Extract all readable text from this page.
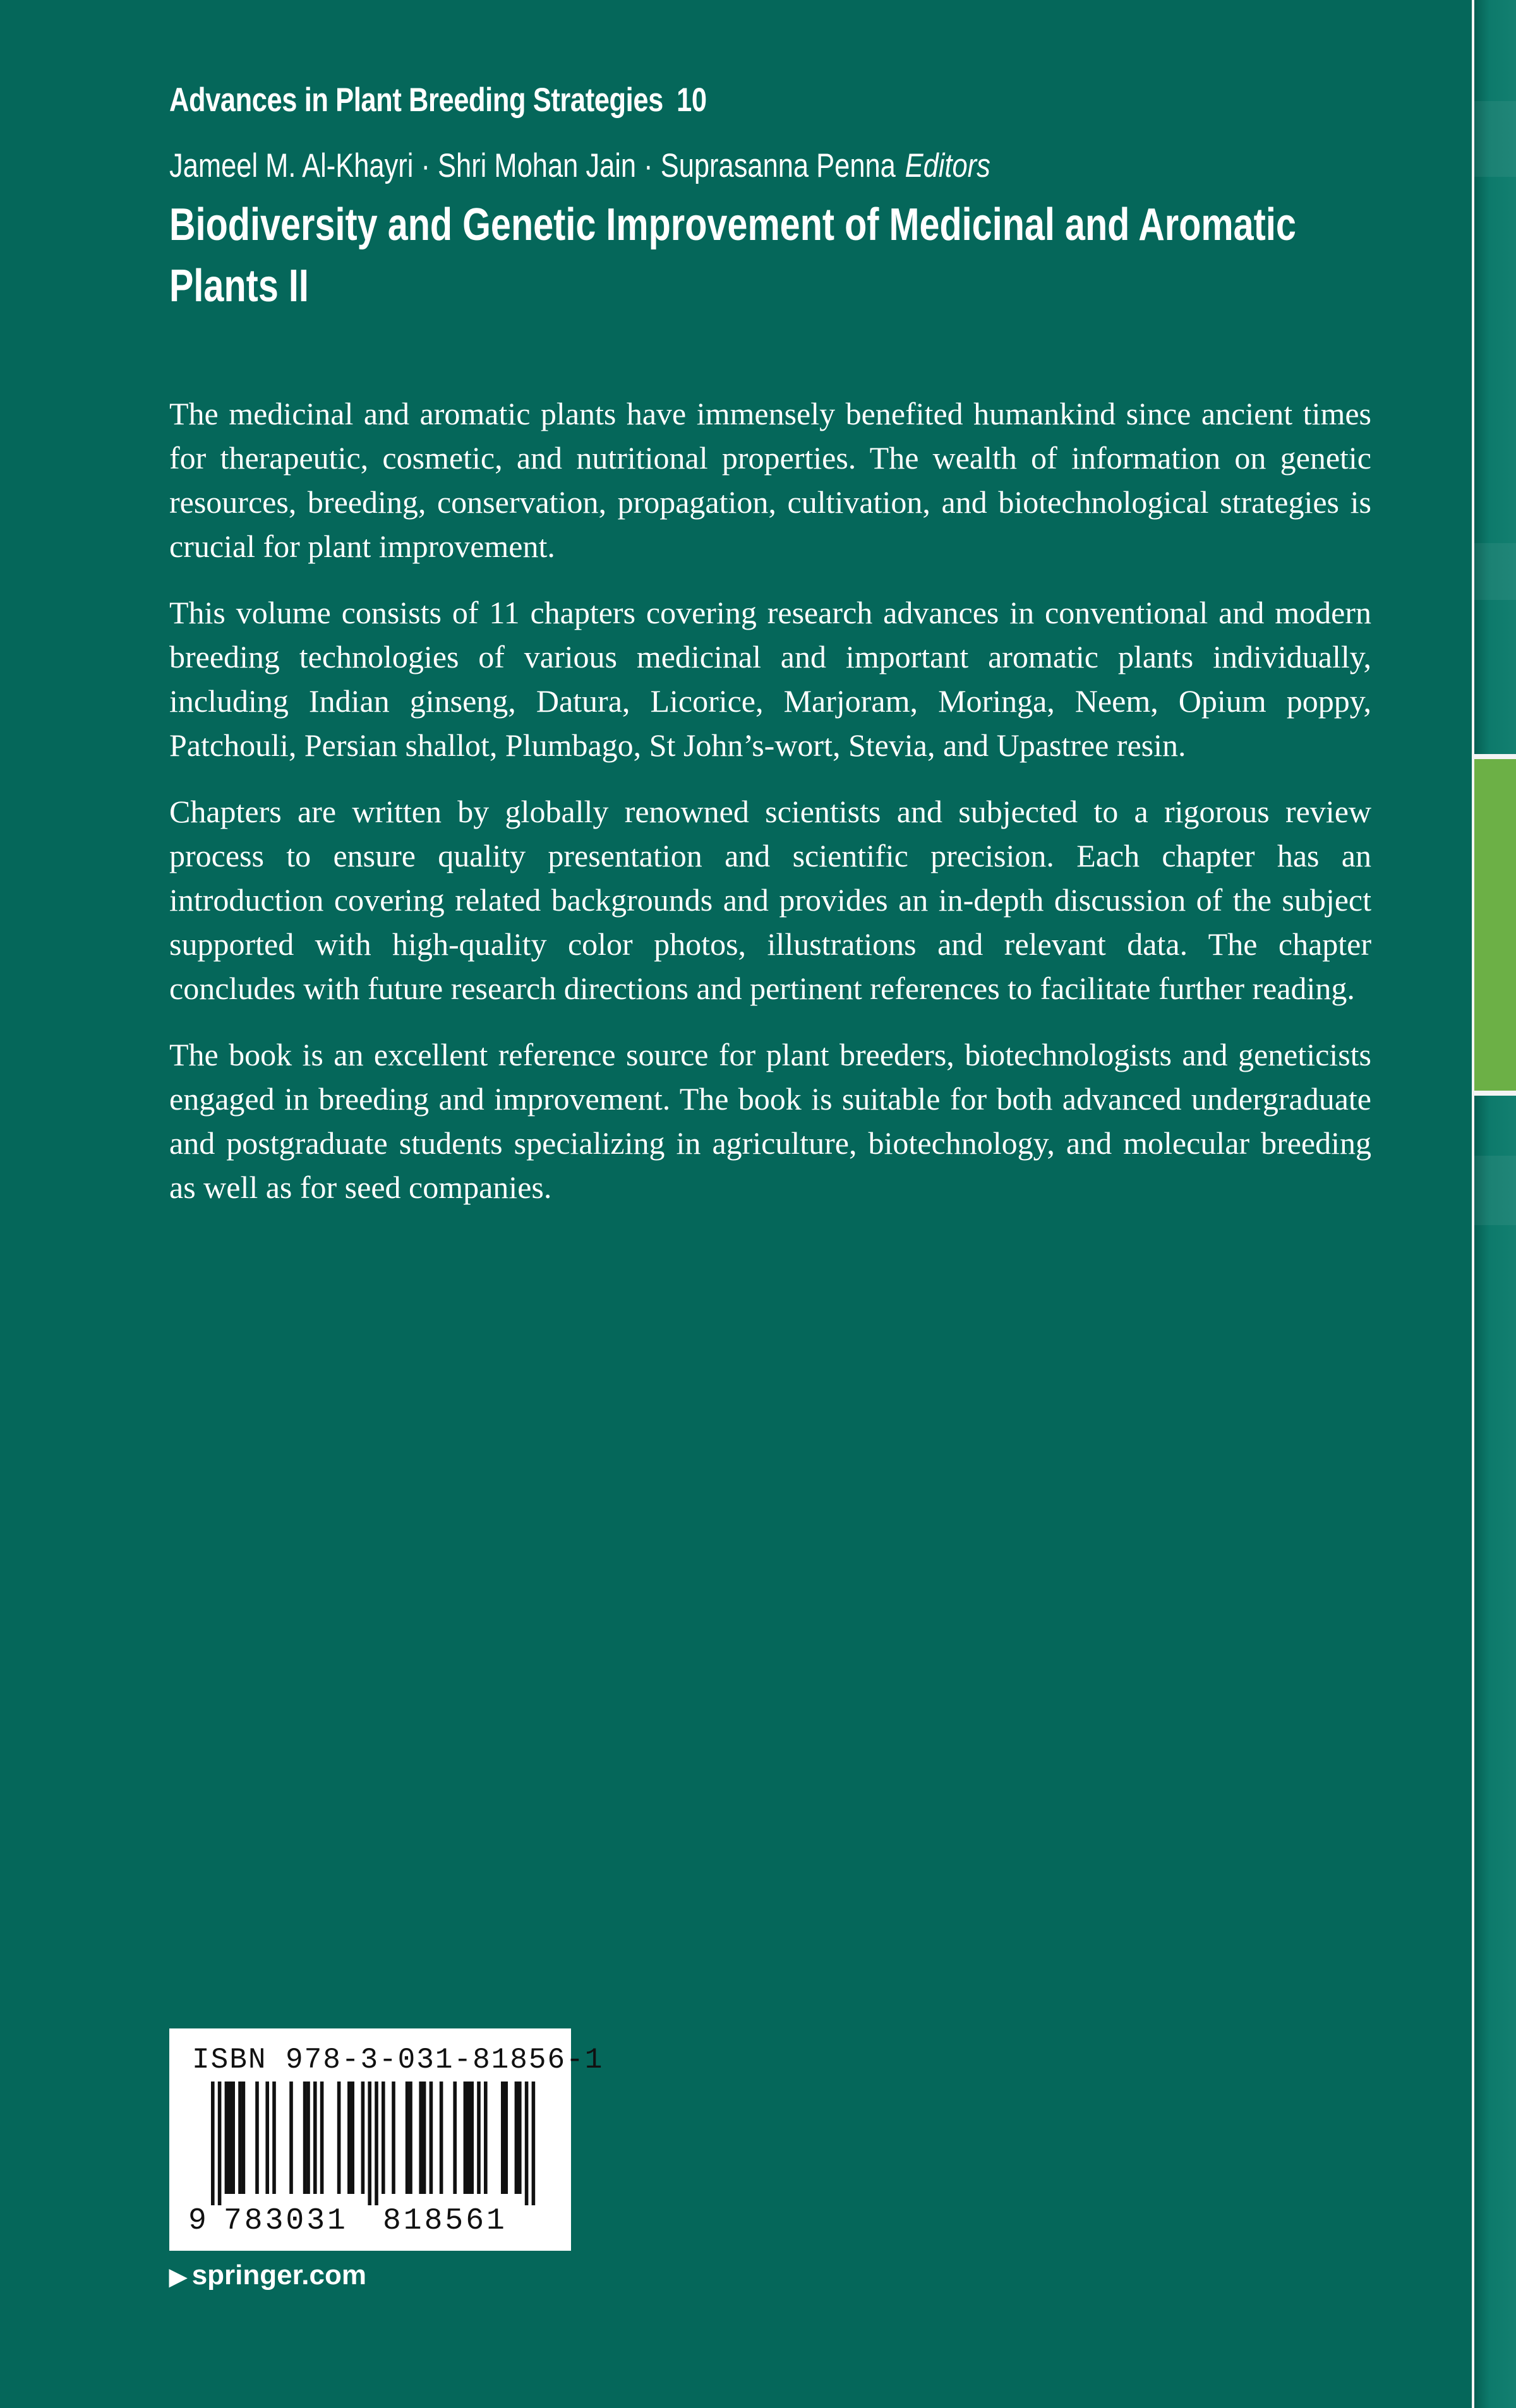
Advances in Plant Breeding Strategies 10
Jameel M. Al-Khayri · Shri Mohan Jain · Suprasanna Penna Editors
Biodiversity and Genetic Improvement of Medicinal and Aromatic
Plants II

The medicinal and aromatic plants have immensely benefited humankind since ancient times for therapeutic, cosmetic, and nutritional properties. The wealth of information on genetic resources, breeding, conservation, propagation, cultivation, and biotechnological strategies is crucial for plant improvement.

This volume consists of 11 chapters covering research advances in conventional and modern breeding technologies of various medicinal and important aromatic plants individually, including Indian ginseng, Datura, Licorice, Marjoram, Moringa, Neem, Opium poppy, Patchouli, Persian shallot, Plumbago, St John’s-wort, Stevia, and Upastree resin.

Chapters are written by globally renowned scientists and subjected to a rigorous review process to ensure quality presentation and scientific precision. Each chapter has an introduction covering related backgrounds and provides an in-depth discussion of the subject supported with high-quality color photos, illustrations and relevant data. The chapter concludes with future research directions and pertinent references to facilitate further reading.

The book is an excellent reference source for plant breeders, biotechnologists and geneticists engaged in breeding and improvement. The book is suitable for both advanced undergraduate and postgraduate students specializing in agriculture, biotechnology, and molecular breeding as well as for seed companies.

ISBN 978-3-031-81856-1
9 783031 818561
▶ springer.com
